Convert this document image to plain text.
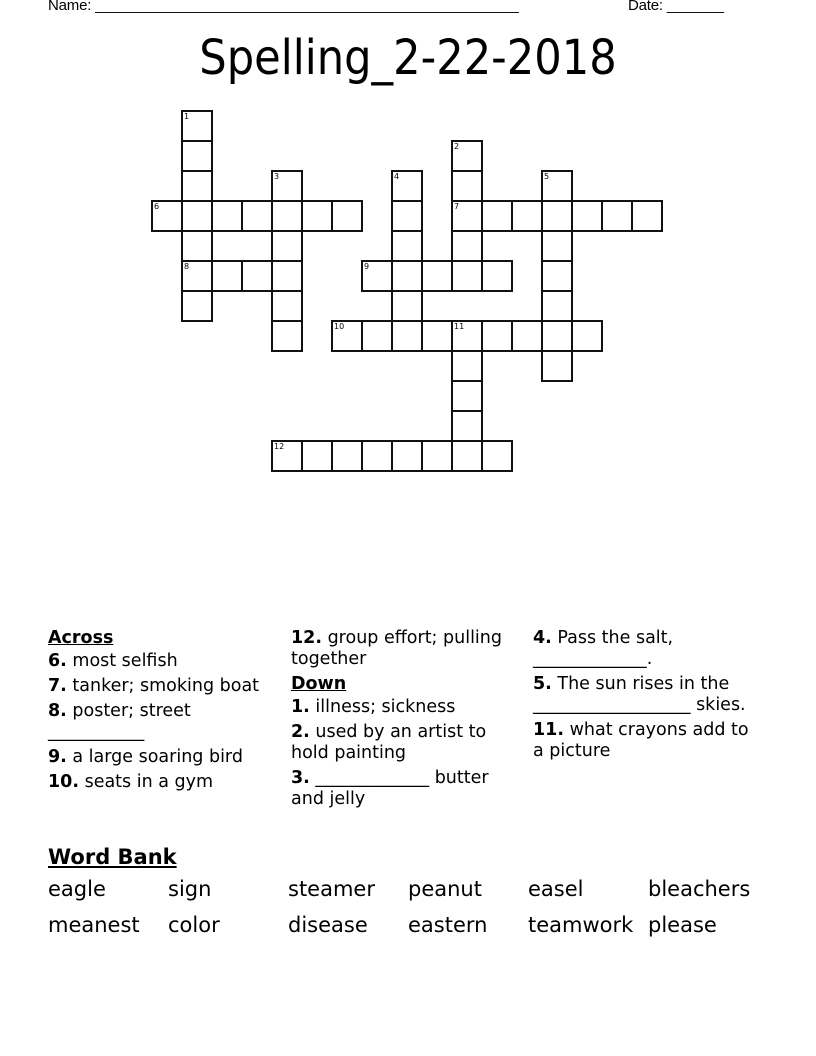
Name: ____________________________________________________	Date: _______
Spelling_2-22-2018
1
2
3	4	5
6	7
8	9
10	11
12
Across
6. most selfish
7. tanker; smoking boat
8. poster; street ___________
9. a large soaring bird
10. seats in a gym
12. group effort; pulling together
Down
1. illness; sickness
2. used by an artist to hold painting
3. _____________ butter and jelly
4. Pass the salt, _____________.
5. The sun rises in the __________________ skies.
11. what crayons add to a picture
Word Bank
eagle	sign	steamer	peanut	easel	bleachers
meanest	color	disease	eastern	teamwork please
